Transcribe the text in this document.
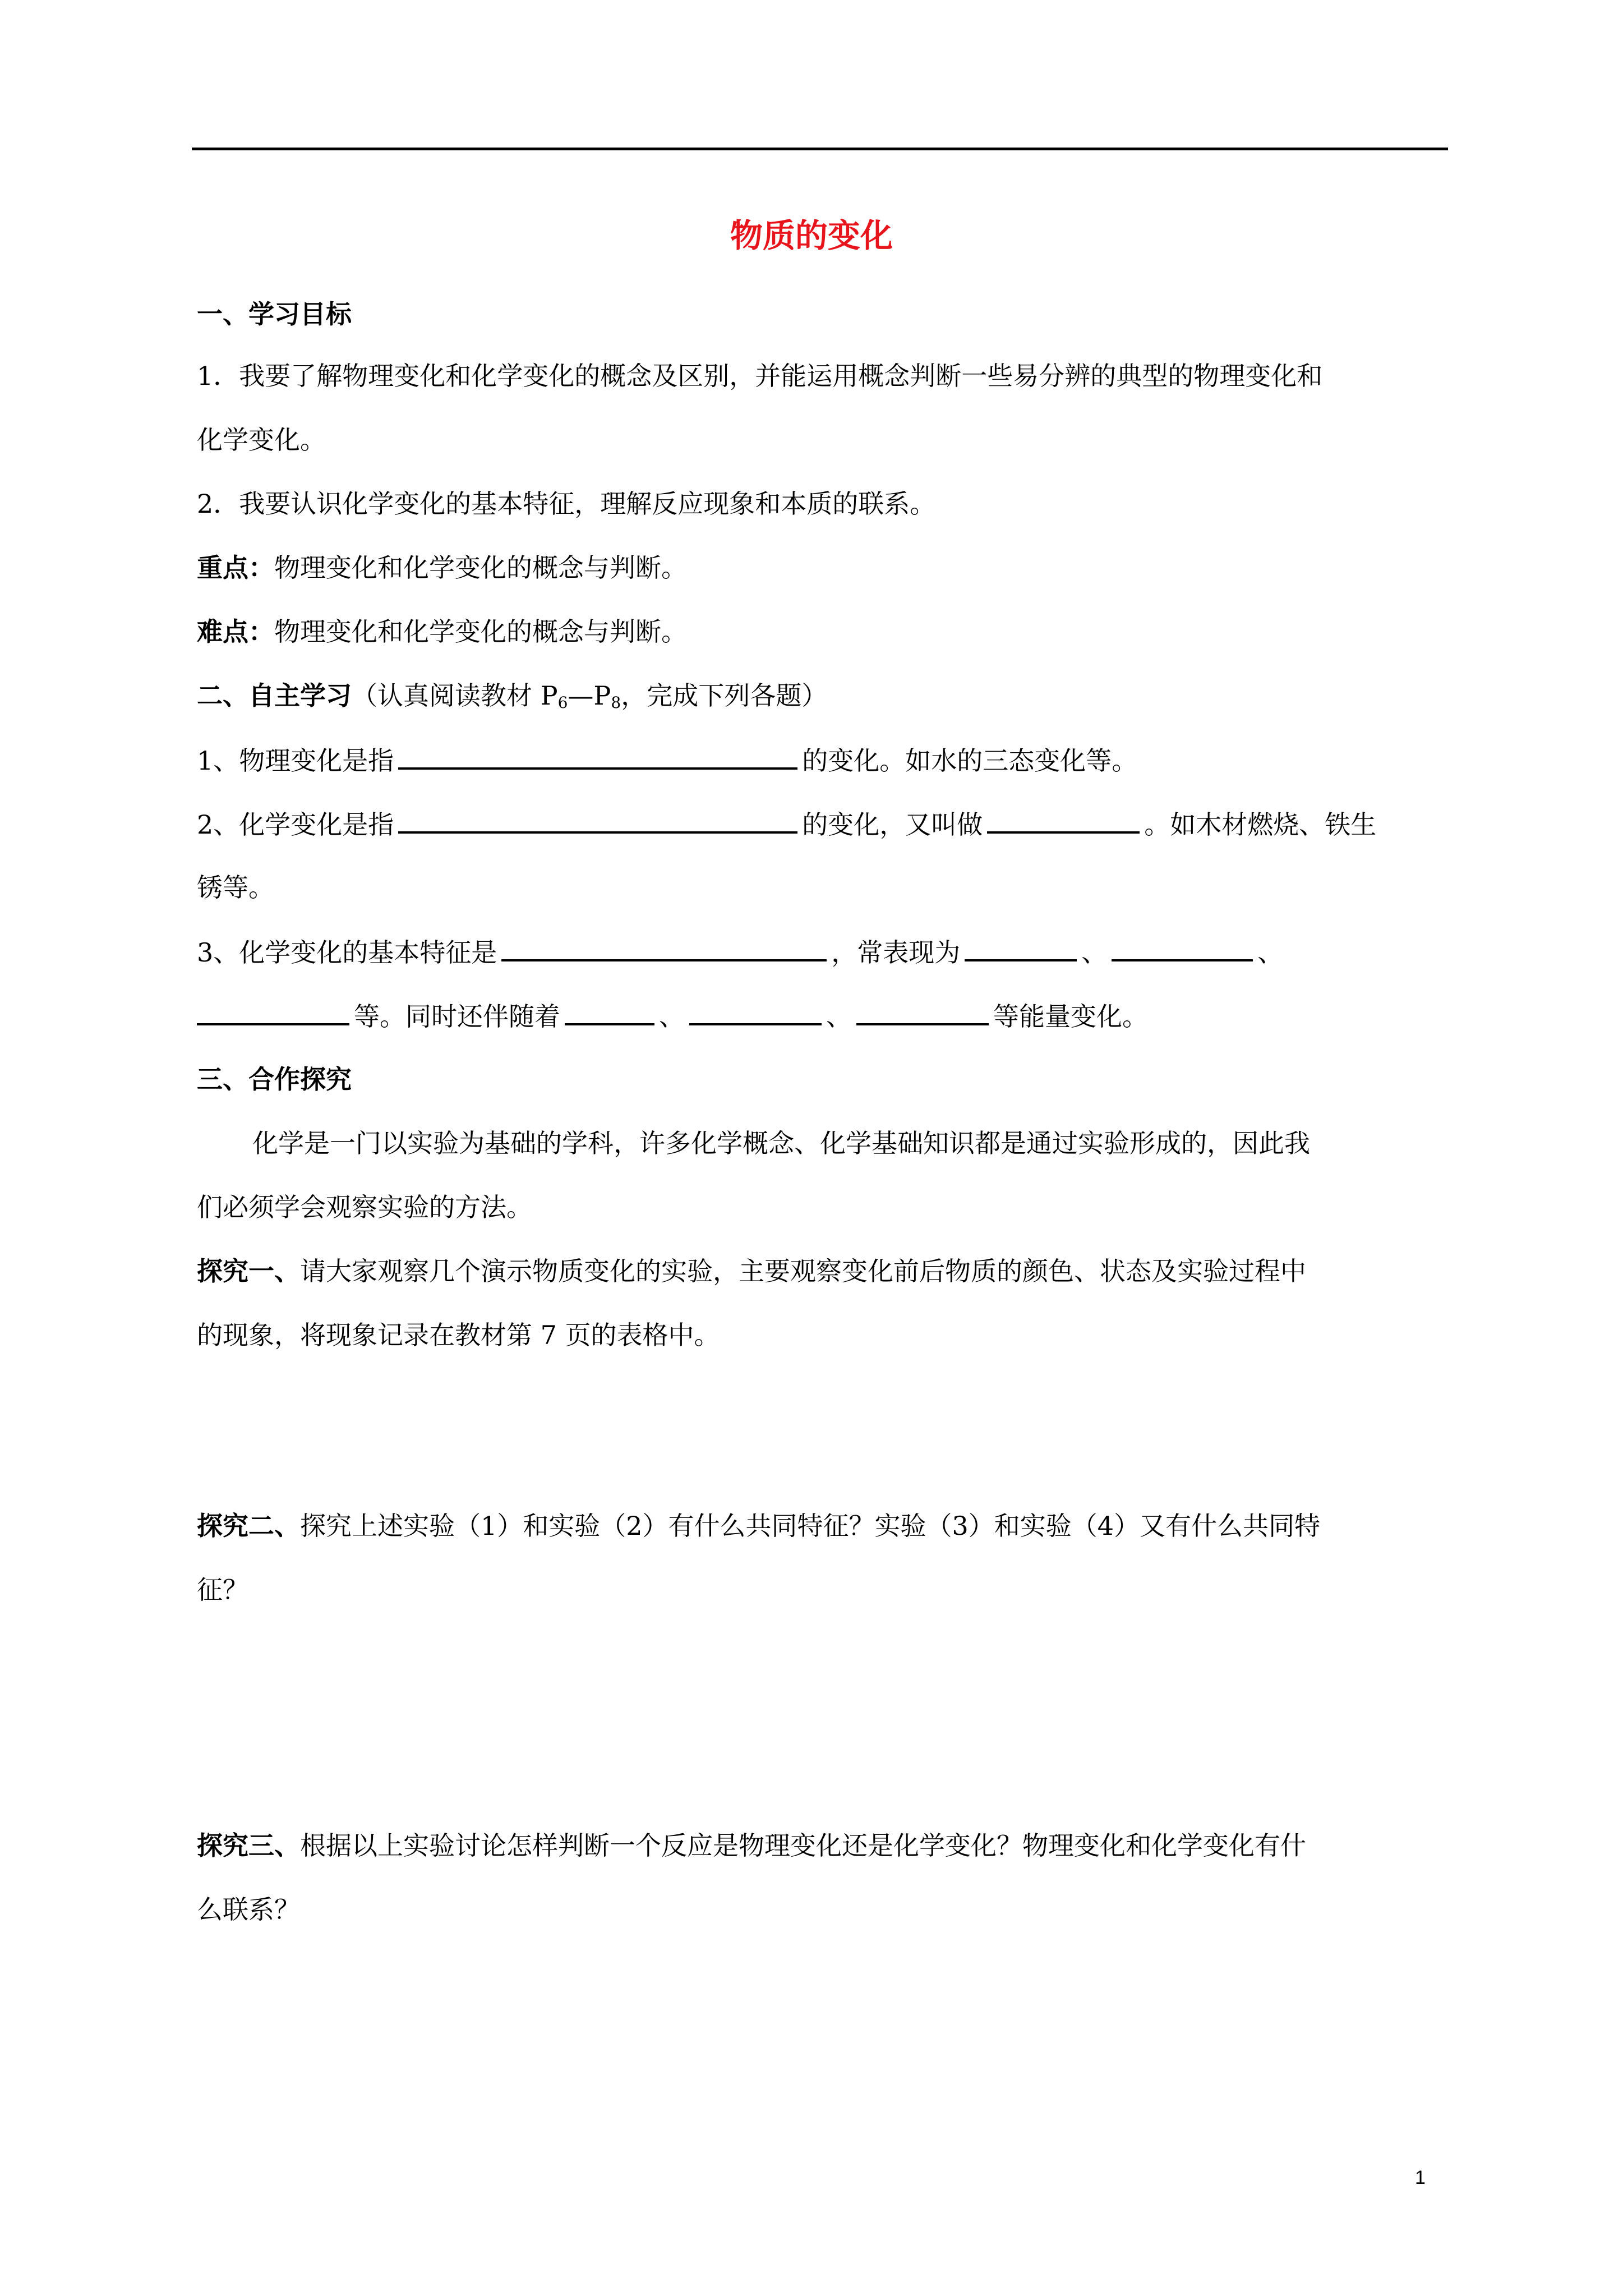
物质的变化
一、学习目标
1．我要了解物理变化和化学变化的概念及区别，并能运用概念判断一些易分辨的典型的物理变化和
化学变化。
2．我要认识化学变化的基本特征，理解反应现象和本质的联系。
重点：物理变化和化学变化的概念与判断。
难点：物理变化和化学变化的概念与判断。
二、自主学习（认真阅读教材 $P_6—P_8$，完成下列各题）
1、物理变化是指	的变化。如水的三态变化等。
2、化学变化是指	的变化，又叫做	。如木材燃烧、铁生
锈等。
3、化学变化的基本特征是	，常表现为	、	、
等。同时还伴随着	、	、	等能量变化。
三、合作探究
化学是一门以实验为基础的学科，许多化学概念、化学基础知识都是通过实验形成的，因此我
们必须学会观察实验的方法。
探究一、请大家观察几个演示物质变化的实验，主要观察变化前后物质的颜色、状态及实验过程中
的现象，将现象记录在教材第 7 页的表格中。
探究二、探究上述实验（1）和实验（2）有什么共同特征？实验（3）和实验（4）又有什么共同特
征？
探究三、根据以上实验讨论怎样判断一个反应是物理变化还是化学变化？物理变化和化学变化有什
么联系？
1
